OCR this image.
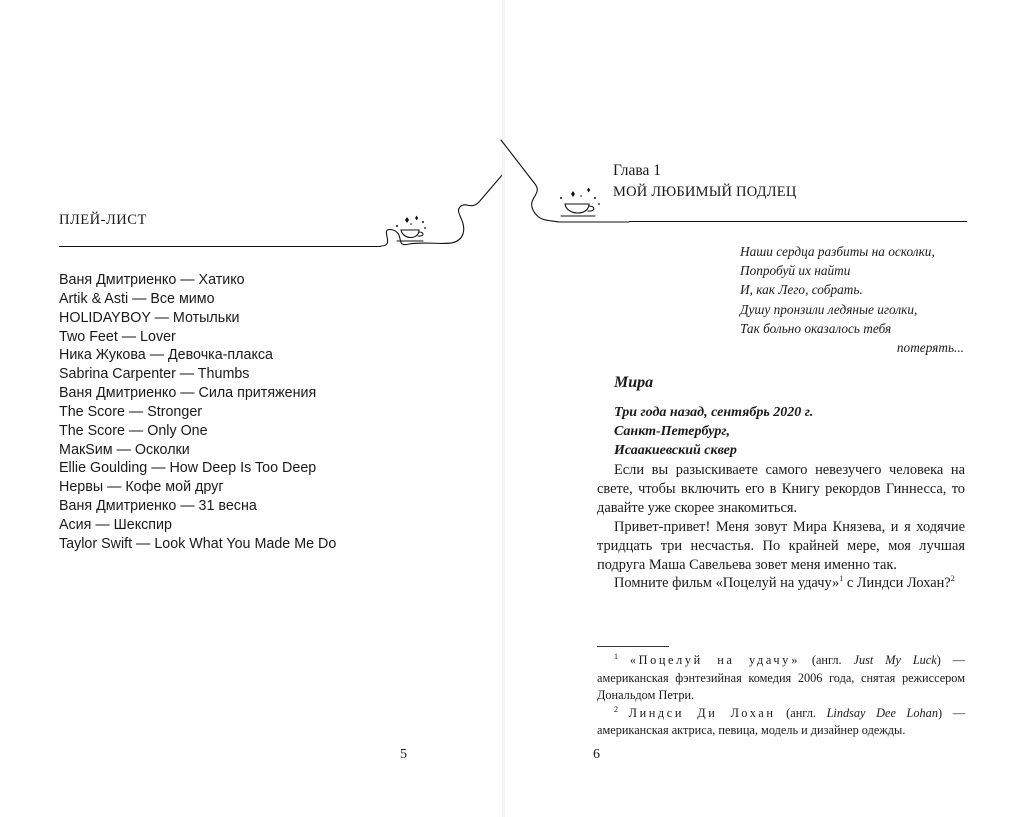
ПЛЕЙ-ЛИСТ
Ваня Дмитриенко — Хатико
Artik & Asti — Все мимо
HOLIDAYBOY — Мотыльки
Two Feet — Lover
Ника Жукова — Девочка-плакса
Sabrina Carpenter — Thumbs
Ваня Дмитриенко — Сила притяжения
The Score — Stronger
The Score — Only One
МакSим — Осколки
Ellie Goulding — How Deep Is Too Deep
Нервы — Кофе мой друг
Ваня Дмитриенко — 31 весна
Асия — Шекспир
Taylor Swift — Look What You Made Me Do
5
Глава 1
МОЙ ЛЮБИМЫЙ ПОДЛЕЦ
Наши сердца разбиты на осколки,
Попробуй их найти
И, как Лего, собрать.
Душу пронзили ледяные иголки,
Так больно оказалось тебя
потерять...
Мира
Три года назад, сентябрь 2020 г.
Санкт-Петербург,
Исаакиевский сквер

Если вы разыскиваете самого невезучего человека на свете, чтобы включить его в Книгу рекордов Гиннесса, то давайте уже скорее знакомиться.

Привет-привет! Меня зовут Мира Князева, и я ходячие тридцать три несчастья. По крайней мере, моя лучшая подруга Маша Савельева зовет меня именно так.

Помните фильм «Поцелуй на удачу»$^1$ с Линдси Лохан?$^2$

$^1$ «Поцелуй на удачу» (англ. Just My Luck) — американская фэнтезийная комедия 2006 года, снятая режиссером Дональдом Петри.

$^2$ Линдси Ди Лохан (англ. Lindsay Dee Lohan) — американская актриса, певица, модель и дизайнер одежды.

6
